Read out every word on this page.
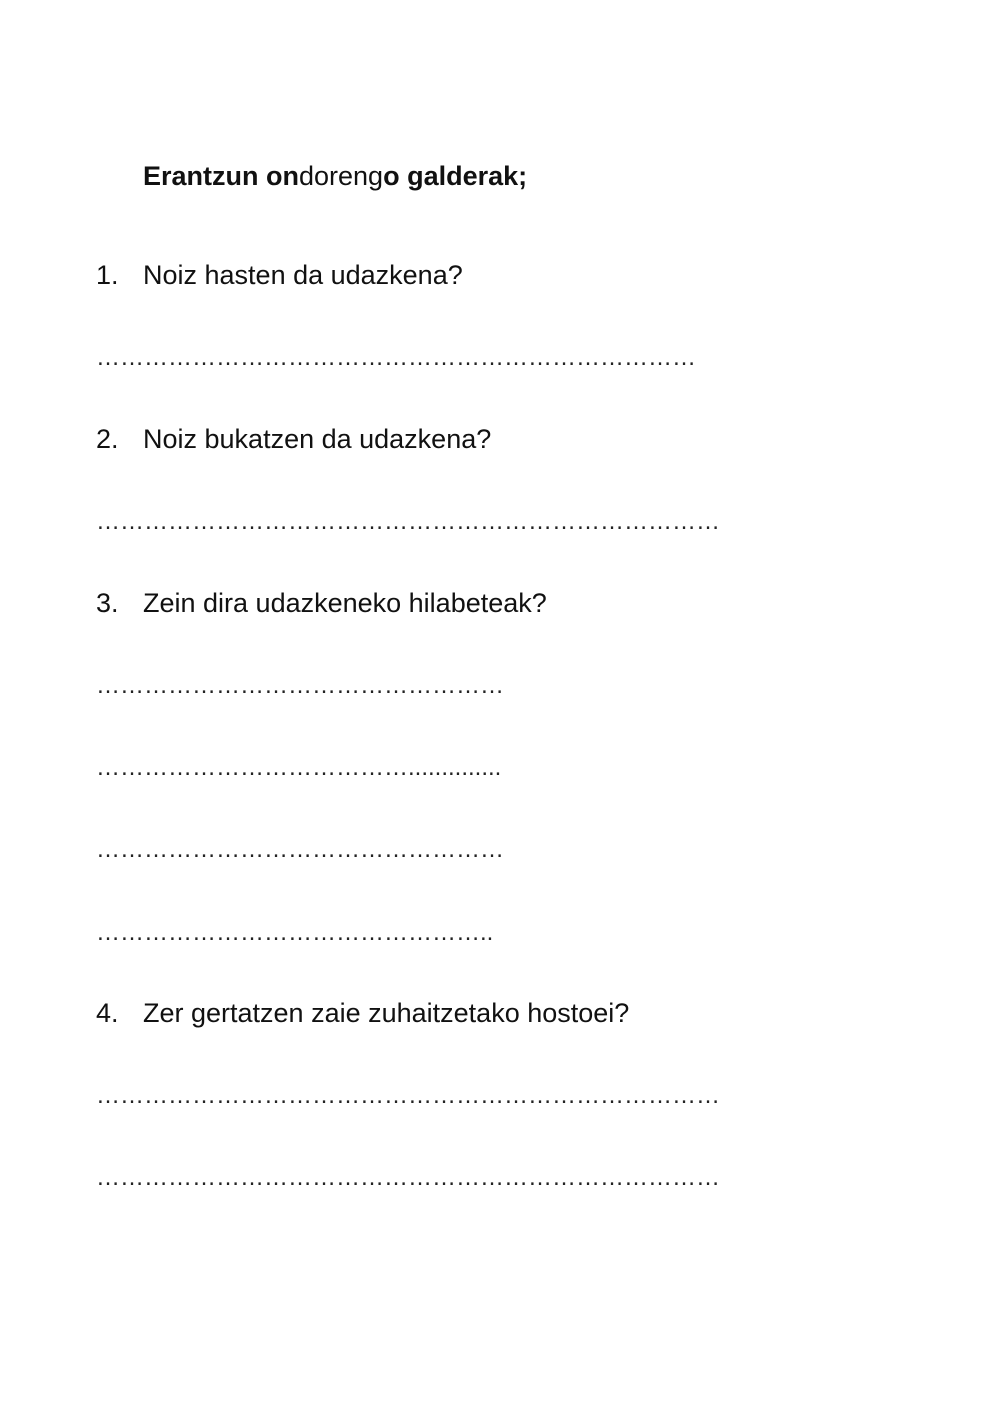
Erantzun ondorengo galderak;
1. Noiz hasten da udazkena?
…………………………………………………………………
2. Noiz bukatzen da udazkena?
……………………………………………………………………
3. Zein dira udazkeneko hilabeteak?
……………………………………………
…………………………………..............
……………………………………………
…………………………………………..
4. Zer gertatzen zaie zuhaitzetako hostoei?
……………………………………………………………………
……………………………………………………………………
